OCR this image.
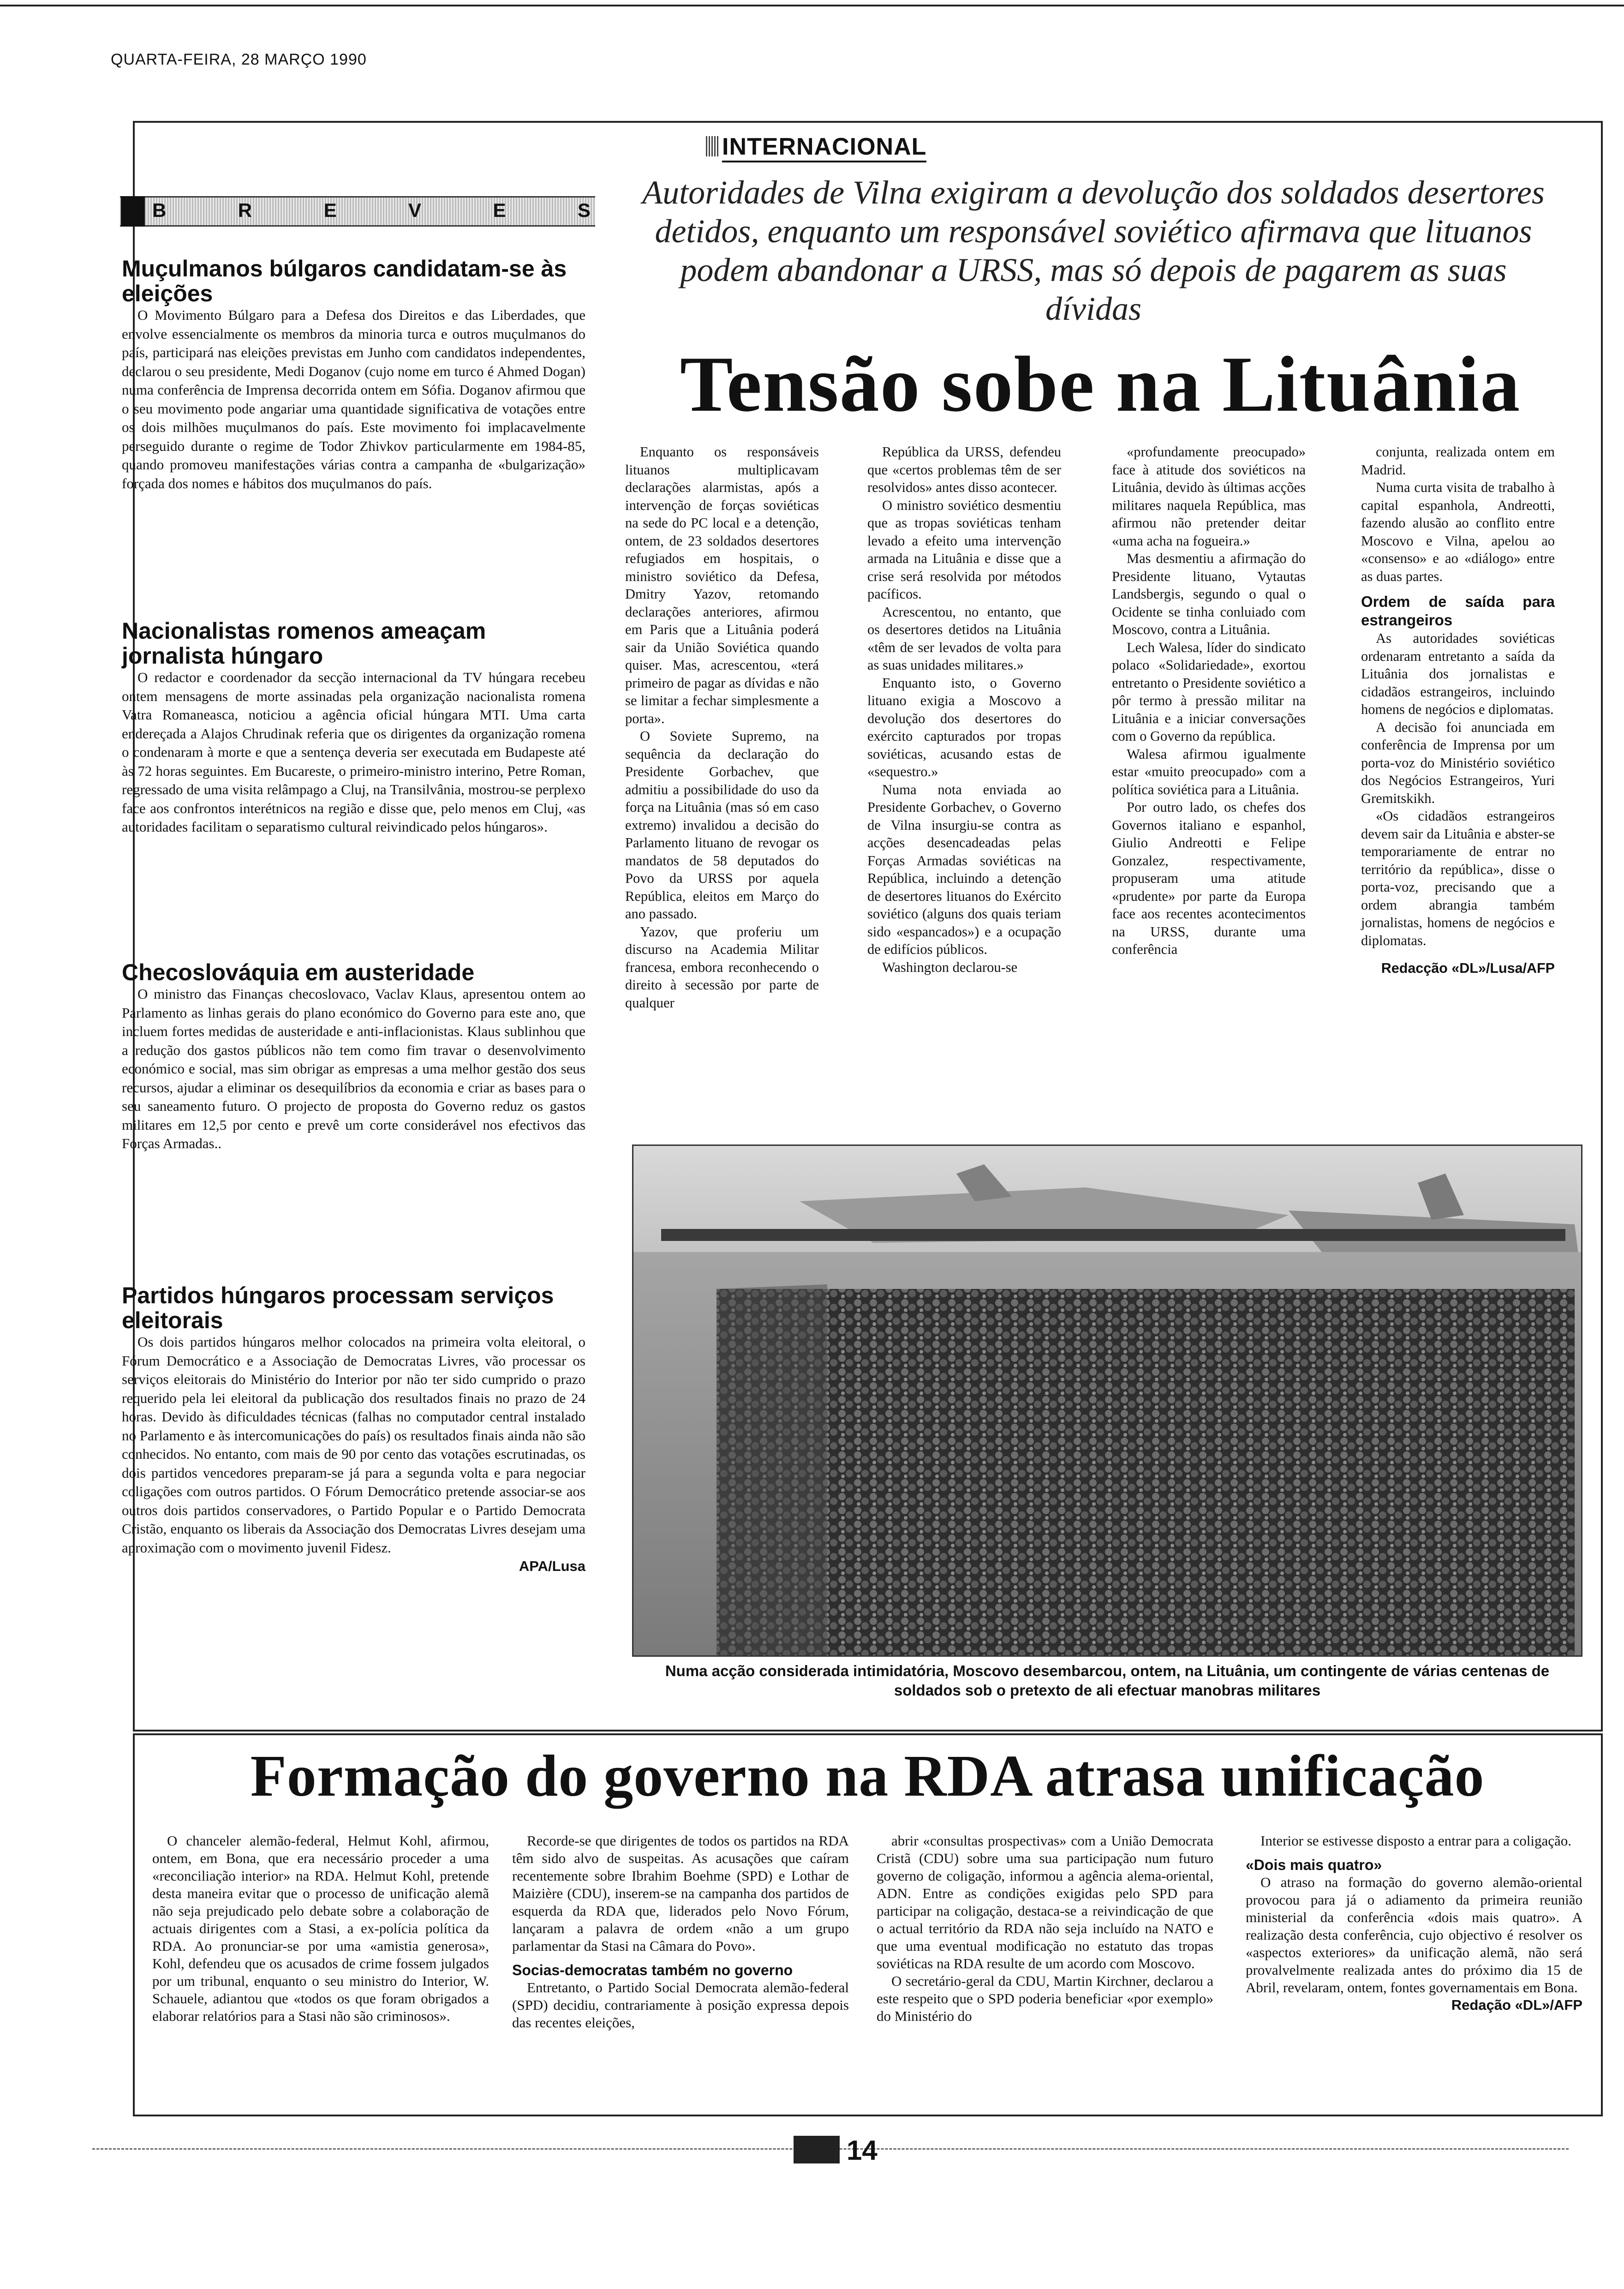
QUARTA-FEIRA, 28 MARÇO 1990
B	R	E	V	E	S
Muçulmanos búlgaros candidatam-se às eleições

O Movimento Búlgaro para a Defesa dos Direitos e das Liberdades, que envolve essencialmente os membros da minoria turca e outros muçulmanos do país, participará nas eleições previstas em Junho com candidatos independentes, declarou o seu presidente, Medi Doganov (cujo nome em turco é Ahmed Dogan) numa conferência de Imprensa decorrida ontem em Sófia. Doganov afirmou que o seu movimento pode angariar uma quantidade significativa de votações entre os dois milhões muçulmanos do país. Este movimento foi implacavelmente perseguido durante o regime de Todor Zhivkov particularmente em 1984-85, quando promoveu manifestações várias contra a campanha de «bulgarização» forçada dos nomes e hábitos dos muçulmanos do país.

Nacionalistas romenos ameaçam jornalista húngaro

O redactor e coordenador da secção internacional da TV húngara recebeu ontem mensagens de morte assinadas pela organização nacionalista romena Vatra Romaneasca, noticiou a agência oficial húngara MTI. Uma carta endereçada a Alajos Chrudinak referia que os dirigentes da organização romena o condenaram à morte e que a sentença deveria ser executada em Budapeste até às 72 horas seguintes. Em Bucareste, o primeiro-ministro interino, Petre Roman, regressado de uma visita relâmpago a Cluj, na Transilvânia, mostrou-se perplexo face aos confrontos interétnicos na região e disse que, pelo menos em Cluj, «as autoridades facilitam o separatismo cultural reivindicado pelos húngaros».

Checoslováquia em austeridade

O ministro das Finanças checoslovaco, Vaclav Klaus, apresentou ontem ao Parlamento as linhas gerais do plano económico do Governo para este ano, que incluem fortes medidas de austeridade e anti-inflacionistas. Klaus sublinhou que a redução dos gastos públicos não tem como fim travar o desenvolvimento económico e social, mas sim obrigar as empresas a uma melhor gestão dos seus recursos, ajudar a eliminar os desequilíbrios da economia e criar as bases para o seu saneamento futuro. O projecto de proposta do Governo reduz os gastos militares em 12,5 por cento e prevê um corte considerável nos efectivos das Forças Armadas..

Partidos húngaros processam serviços eleitorais

Os dois partidos húngaros melhor colocados na primeira volta eleitoral, o Fórum Democrático e a Associação de Democratas Livres, vão processar os serviços eleitorais do Ministério do Interior por não ter sido cumprido o prazo requerido pela lei eleitoral da publicação dos resultados finais no prazo de 24 horas. Devido às dificuldades técnicas (falhas no computador central instalado no Parlamento e às intercomunicações do país) os resultados finais ainda não são conhecidos. No entanto, com mais de 90 por cento das votações escrutinadas, os dois partidos vencedores preparam-se já para a segunda volta e para negociar coligações com outros partidos. O Fórum Democrático pretende associar-se aos outros dois partidos conservadores, o Partido Popular e o Partido Democrata Cristão, enquanto os liberais da Associação dos Democratas Livres desejam uma aproximação com o movimento juvenil Fidesz.

APA/Lusa

INTERNACIONAL
Autoridades de Vilna exigiram a devolução dos soldados desertores detidos, enquanto um responsável soviético afirmava que lituanos podem abandonar a URSS, mas só depois de pagarem as suas dívidas
Tensão sobe na Lituânia

Enquanto os responsáveis lituanos multiplicavam declarações alarmistas, após a intervenção de forças soviéticas na sede do PC local e a detenção, ontem, de 23 soldados desertores refugiados em hospitais, o ministro soviético da Defesa, Dmitry Yazov, retomando declarações anteriores, afirmou em Paris que a Lituânia poderá sair da União Soviética quando quiser. Mas, acrescentou, «terá primeiro de pagar as dívidas e não se limitar a fechar simplesmente a porta».

O Soviete Supremo, na sequência da declaração do Presidente Gorbachev, que admitiu a possibilidade do uso da força na Lituânia (mas só em caso extremo) invalidou a decisão do Parlamento lituano de revogar os mandatos de 58 deputados do Povo da URSS por aquela República, eleitos em Março do ano passado.

Yazov, que proferiu um discurso na Academia Militar francesa, embora reconhecendo o direito à secessão por parte de qualquer

República da URSS, defendeu que «certos problemas têm de ser resolvidos» antes disso acontecer.

O ministro soviético desmentiu que as tropas soviéticas tenham levado a efeito uma intervenção armada na Lituânia e disse que a crise será resolvida por métodos pacíficos.

Acrescentou, no entanto, que os desertores detidos na Lituânia «têm de ser levados de volta para as suas unidades militares.»

Enquanto isto, o Governo lituano exigia a Moscovo a devolução dos desertores do exército capturados por tropas soviéticas, acusando estas de «sequestro.»

Numa nota enviada ao Presidente Gorbachev, o Governo de Vilna insurgiu-se contra as acções desencadeadas pelas Forças Armadas soviéticas na República, incluindo a detenção de desertores lituanos do Exército soviético (alguns dos quais teriam sido «espancados») e a ocupação de edifícios públicos.

Washington declarou-se

«profundamente preocupado» face à atitude dos soviéticos na Lituânia, devido às últimas acções militares naquela República, mas afirmou não pretender deitar «uma acha na fogueira.»

Mas desmentiu a afirmação do Presidente lituano, Vytautas Landsbergis, segundo o qual o Ocidente se tinha conluiado com Moscovo, contra a Lituânia.

Lech Walesa, líder do sindicato polaco «Solidariedade», exortou entretanto o Presidente soviético a pôr termo à pressão militar na Lituânia e a iniciar conversações com o Governo da república.

Walesa afirmou igualmente estar «muito preocupado» com a política soviética para a Lituânia.

Por outro lado, os chefes dos Governos italiano e espanhol, Giulio Andreotti e Felipe Gonzalez, respectivamente, propuseram uma atitude «prudente» por parte da Europa face aos recentes acontecimentos na URSS, durante uma conferência

conjunta, realizada ontem em Madrid.

Numa curta visita de trabalho à capital espanhola, Andreotti, fazendo alusão ao conflito entre Moscovo e Vilna, apelou ao «consenso» e ao «diálogo» entre as duas partes.

Ordem de saída para estrangeiros

As autoridades soviéticas ordenaram entretanto a saída da Lituânia dos jornalistas e cidadãos estrangeiros, incluindo homens de negócios e diplomatas.

A decisão foi anunciada em conferência de Imprensa por um porta-voz do Ministério soviético dos Negócios Estrangeiros, Yuri Gremitskikh.

«Os cidadãos estrangeiros devem sair da Lituânia e abster-se temporariamente de entrar no território da república», disse o porta-voz, precisando que a ordem abrangia também jornalistas, homens de negócios e diplomatas.

Redacção «DL»/Lusa/AFP

Numa acção considerada intimidatória, Moscovo desembarcou, ontem, na Lituânia, um contingente de várias centenas de soldados sob o pretexto de ali efectuar manobras militares
Formação do governo na RDA atrasa unificação

O chanceler alemão-federal, Helmut Kohl, afirmou, ontem, em Bona, que era necessário proceder a uma «reconciliação interior» na RDA. Helmut Kohl, pretende desta maneira evitar que o processo de unificação alemã não seja prejudicado pelo debate sobre a colaboração de actuais dirigentes com a Stasi, a ex-polícia política da RDA. Ao pronunciar-se por uma «amistia generosa», Kohl, defendeu que os acusados de crime fossem julgados por um tribunal, enquanto o seu ministro do Interior, W. Schauele, adiantou que «todos os que foram obrigados a elaborar relatórios para a Stasi não são criminosos».

Recorde-se que dirigentes de todos os partidos na RDA têm sido alvo de suspeitas. As acusações que caíram recentemente sobre Ibrahim Boehme (SPD) e Lothar de Maizière (CDU), inserem-se na campanha dos partidos de esquerda da RDA que, liderados pelo Novo Fórum, lançaram a palavra de ordem «não a um grupo parlamentar da Stasi na Câmara do Povo».

Socias-democratas também no governo

Entretanto, o Partido Social Democrata alemão-federal (SPD) decidiu, contrariamente à posição expressa depois das recentes eleições,

abrir «consultas prospectivas» com a União Democrata Cristã (CDU) sobre uma sua participação num futuro governo de coligação, informou a agência alema-oriental, ADN. Entre as condições exigidas pelo SPD para participar na coligação, destaca-se a reivindicação de que o actual território da RDA não seja incluído na NATO e que uma eventual modificação no estatuto das tropas soviéticas na RDA resulte de um acordo com Moscovo.

O secretário-geral da CDU, Martin Kirchner, declarou a este respeito que o SPD poderia beneficiar «por exemplo» do Ministério do

Interior se estivesse disposto a entrar para a coligação.

«Dois mais quatro»

O atraso na formação do governo alemão-oriental provocou para já o adiamento da primeira reunião ministerial da conferência «dois mais quatro». A realização desta conferência, cujo objectivo é resolver os «aspectos exteriores» da unificação alemã, não será provalvelmente realizada antes do próximo dia 15 de Abril, revelaram, ontem, fontes governamentais em Bona.

Redação «DL»/AFP

14
